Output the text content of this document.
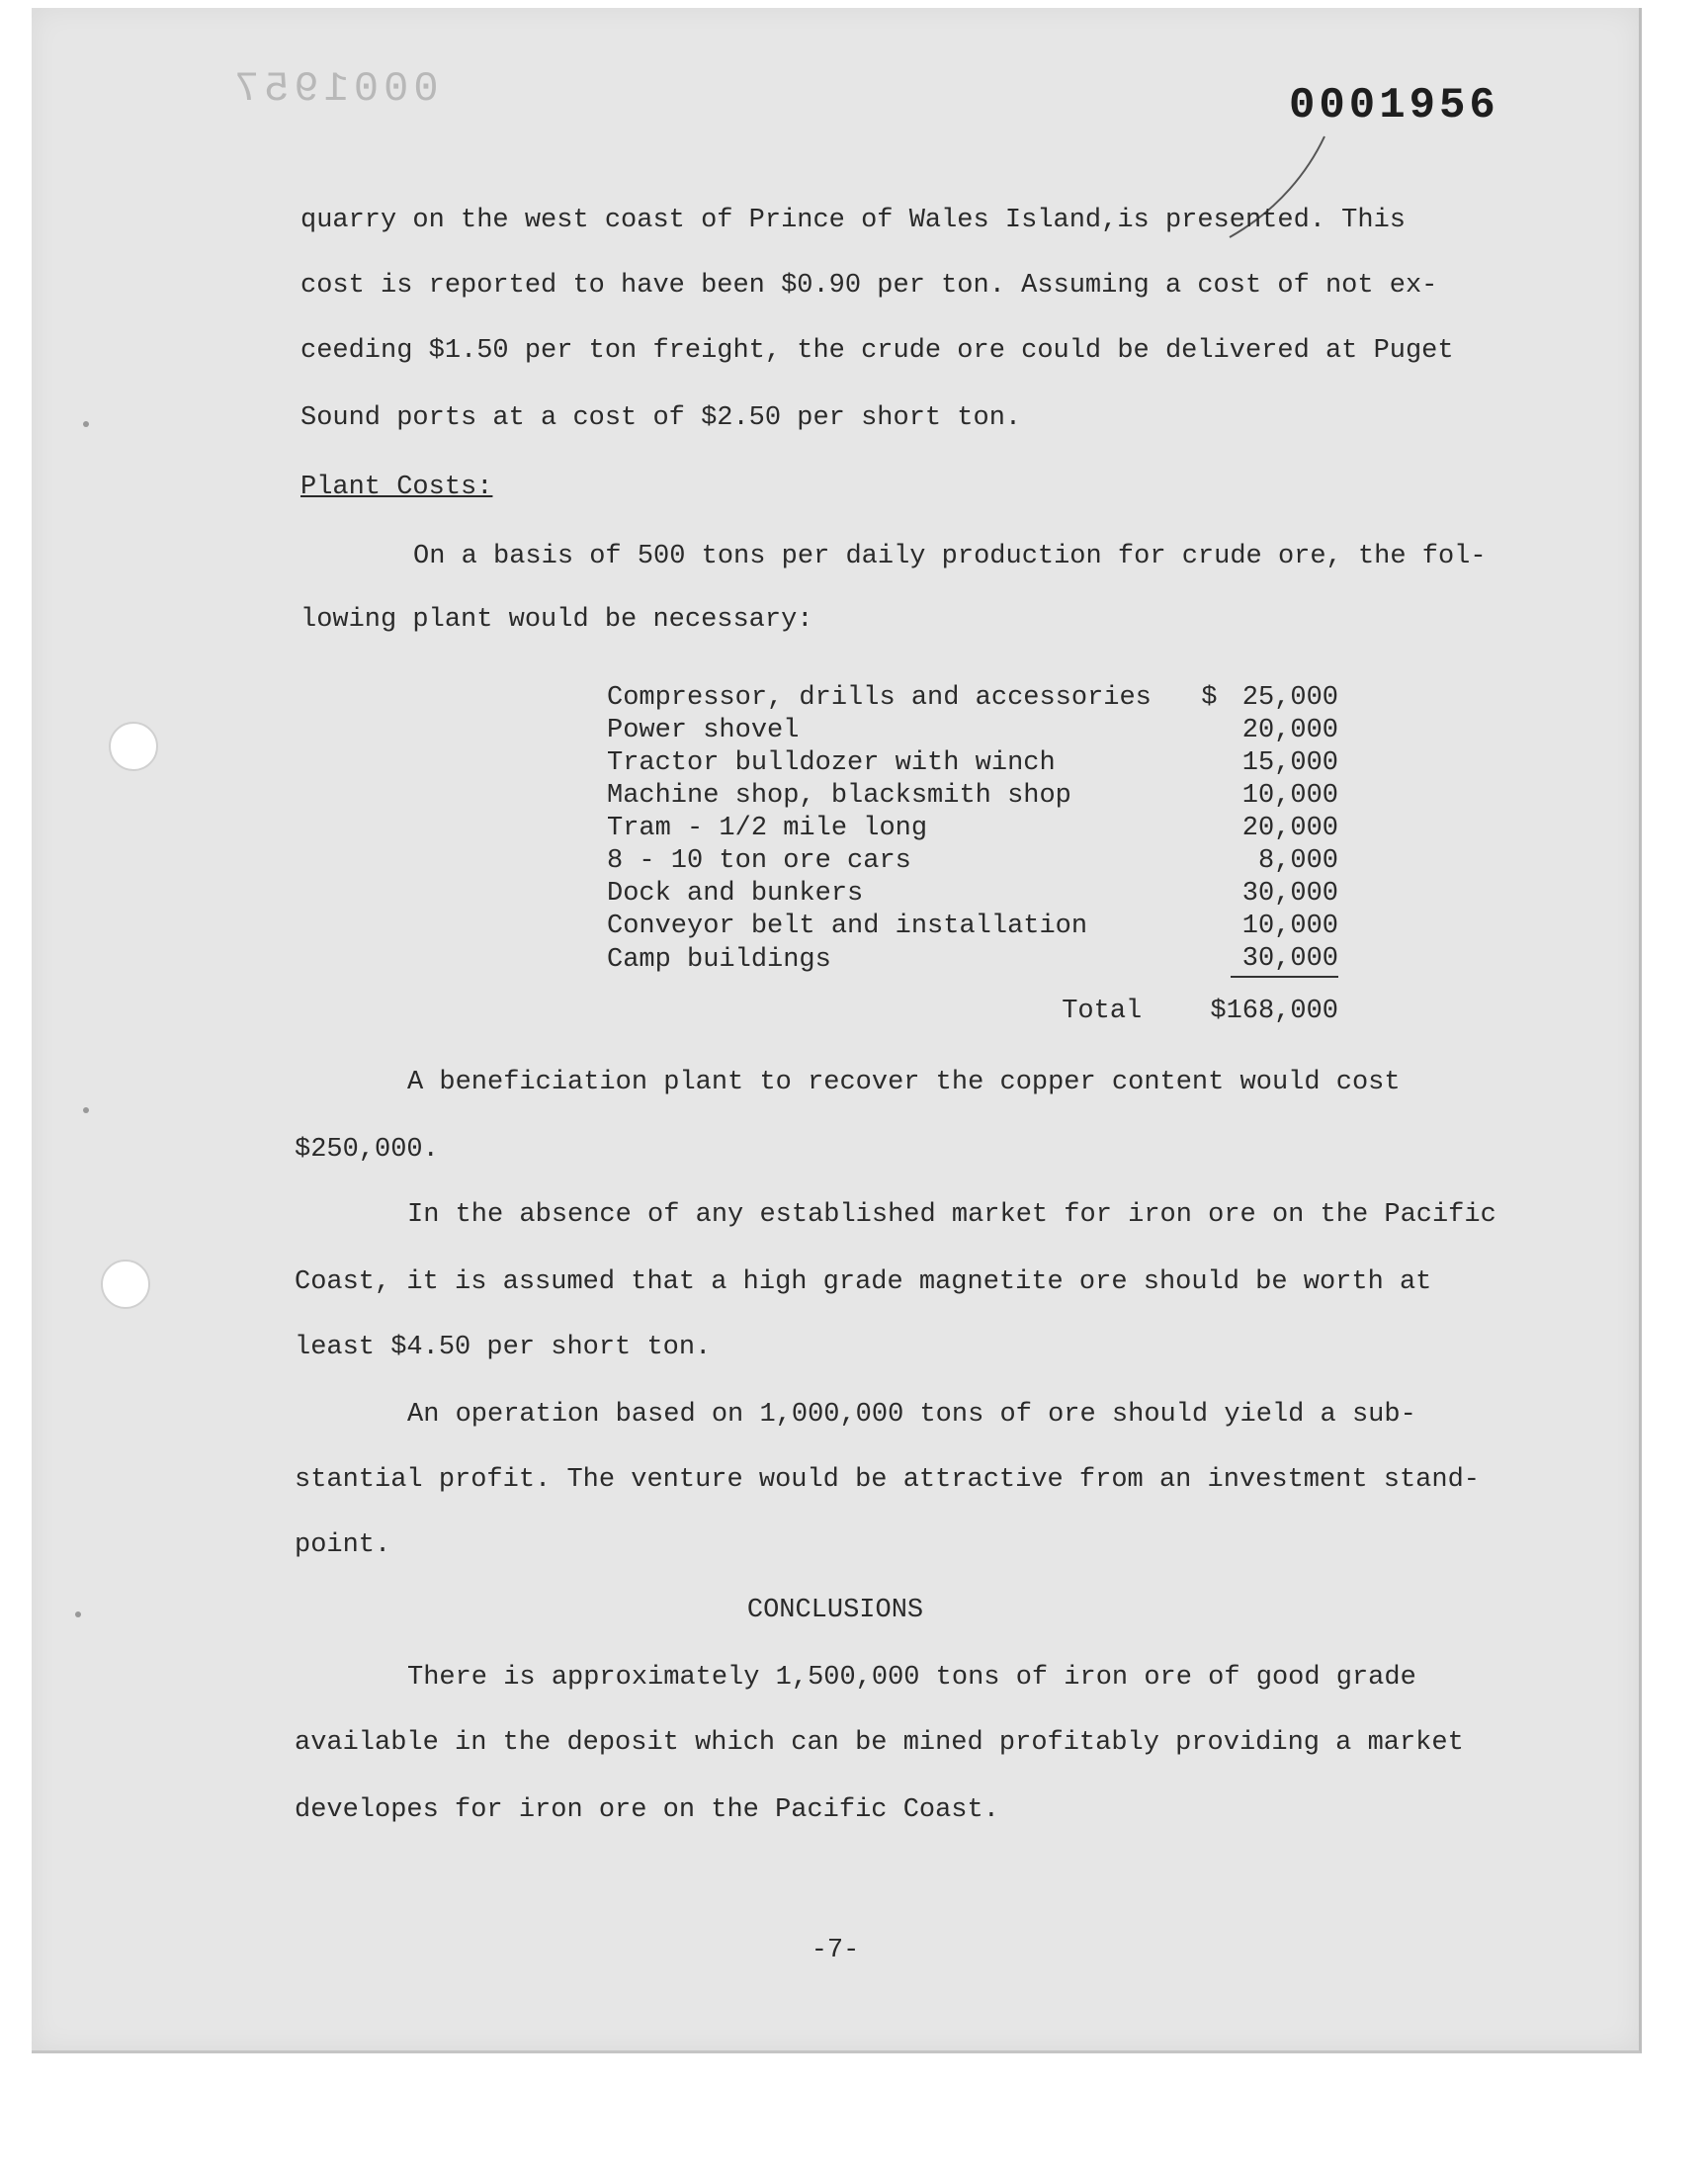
0001957	0001956
quarry on the west coast of Prince of Wales Island,is presented. This
cost is reported to have been $0.90 per ton. Assuming a cost of not ex-
ceeding $1.50 per ton freight, the crude ore could be delivered at Puget
Sound ports at a cost of $2.50 per short ton.
Plant Costs:
On a basis of 500 tons per daily production for crude ore, the fol-
lowing plant would be necessary:
Compressor, drills and accessories	$	25,000
Power shovel		20,000
Tractor bulldozer with winch		15,000
Machine shop, blacksmith shop		10,000
Tram - 1/2 mile long		20,000
8 - 10 ton ore cars		8,000
Dock and bunkers		30,000
Conveyor belt and installation		10,000
Camp buildings		30,000
Total	$168,000	
A beneficiation plant to recover the copper content would cost
$250,000.
In the absence of any established market for iron ore on the Pacific
Coast, it is assumed that a high grade magnetite ore should be worth at
least $4.50 per short ton.
An operation based on 1,000,000 tons of ore should yield a sub-
stantial profit. The venture would be attractive from an investment stand-
point.
CONCLUSIONS
There is approximately 1,500,000 tons of iron ore of good grade
available in the deposit which can be mined profitably providing a market
developes for iron ore on the Pacific Coast.
-7-
